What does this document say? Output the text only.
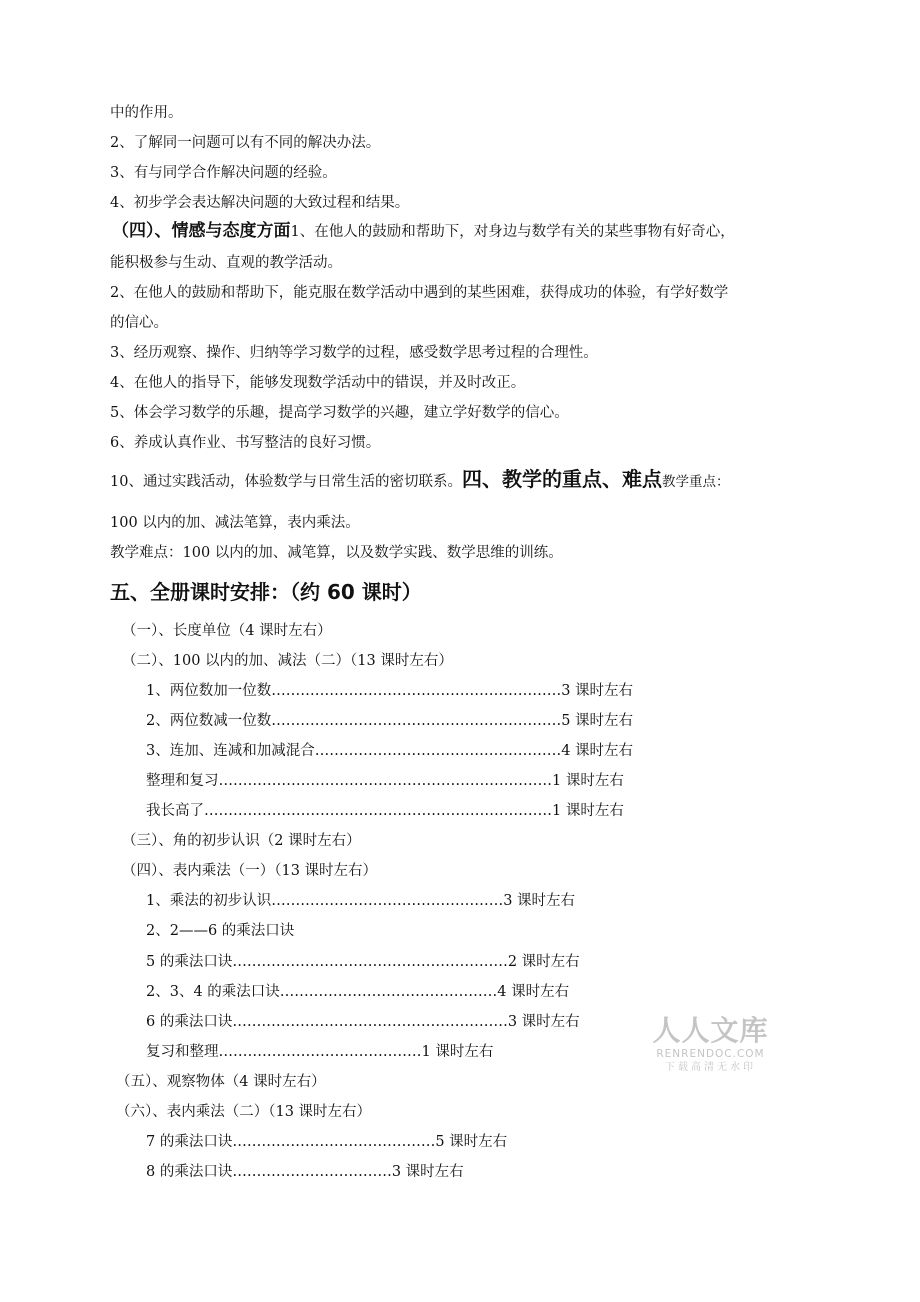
中的作用。
2、了解同一问题可以有不同的解决办法。
3、有与同学合作解决问题的经验。
4、初步学会表达解决问题的大致过程和结果。
（四）、情感与态度方面1、在他人的鼓励和帮助下，对身边与数学有关的某些事物有好奇心，
能积极参与生动、直观的教学活动。
2、在他人的鼓励和帮助下，能克服在数学活动中遇到的某些困难，获得成功的体验，有学好数学
的信心。
3、经历观察、操作、归纳等学习数学的过程，感受数学思考过程的合理性。
4、在他人的指导下，能够发现数学活动中的错误，并及时改正。
5、体会学习数学的乐趣，提高学习数学的兴趣，建立学好数学的信心。
6、养成认真作业、书写整洁的良好习惯。
10、通过实践活动，体验数学与日常生活的密切联系。四、教学的重点、难点教学重点：
100 以内的加、减法笔算，表内乘法。
教学难点：100 以内的加、减笔算，以及数学实践、数学思维的训练。
五、全册课时安排：（约 60 课时）
（一）、长度单位（4 课时左右）
（二）、100 以内的加、减法（二）（13 课时左右）
1、两位数加一位数……………………………………………………3 课时左右
2、两位数减一位数……………………………………………………5 课时左右
3、连加、连减和加减混合……………………………………………4 课时左右
整理和复习……………………………………………………………1 课时左右
我长高了………………………………………………………………1 课时左右
（三）、角的初步认识（2 课时左右）
（四）、表内乘法（一）（13 课时左右）
1、乘法的初步认识…………………………………………3 课时左右
2、2——6 的乘法口诀
5 的乘法口诀…………………………………………………2 课时左右
2、3、4 的乘法口诀………………………………………4 课时左右
6 的乘法口诀…………………………………………………3 课时左右
复习和整理……………………………………1 课时左右
（五）、观察物体（4 课时左右）
（六）、表内乘法（二）（13 课时左右）
7 的乘法口诀……………………………………5 课时左右
8 的乘法口诀……………………………3 课时左右
人人文库
RENRENDOC.COM
下载高清无水印
